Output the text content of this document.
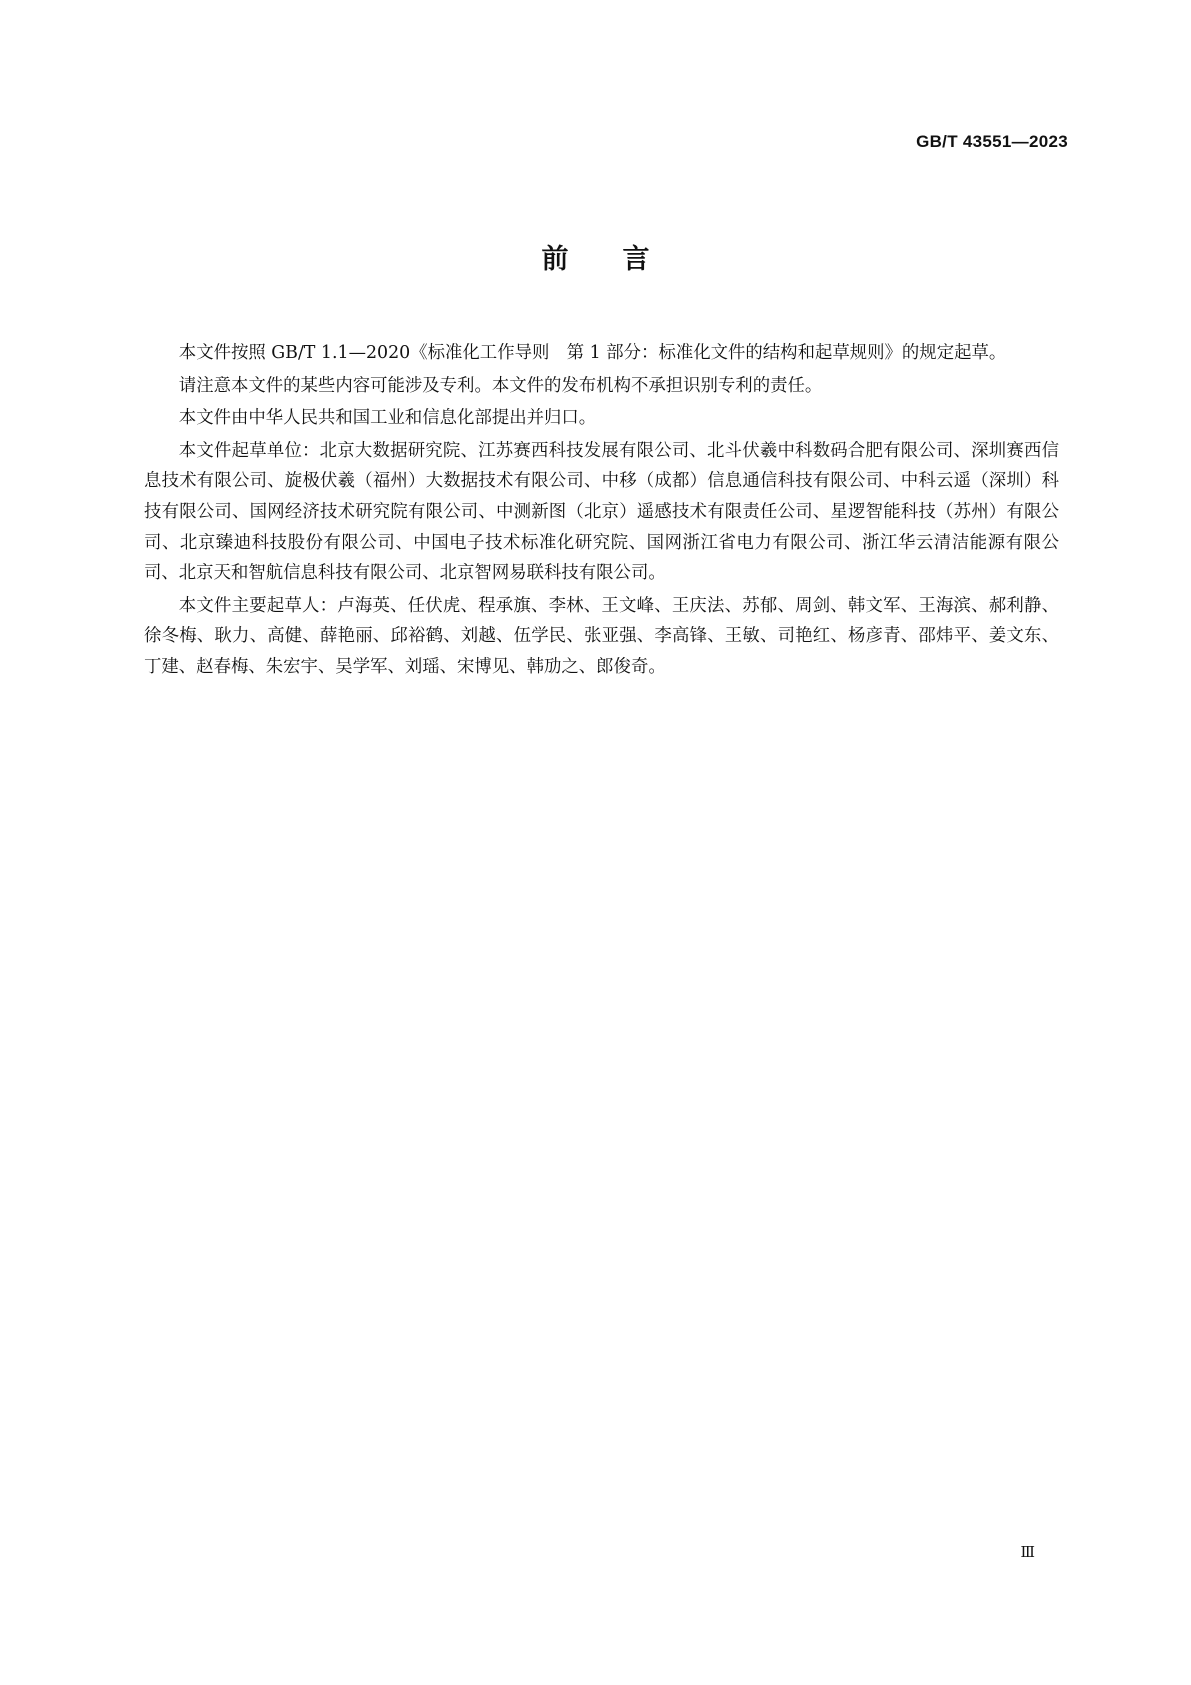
GB/T 43551—2023
前言

本文件按照 GB/T 1.1—2020《标准化工作导则　第 1 部分：标准化文件的结构和起草规则》的规定起草。

请注意本文件的某些内容可能涉及专利。本文件的发布机构不承担识别专利的责任。

本文件由中华人民共和国工业和信息化部提出并归口。

本文件起草单位：北京大数据研究院、江苏赛西科技发展有限公司、北斗伏羲中科数码合肥有限公司、深圳赛西信息技术有限公司、旋极伏羲（福州）大数据技术有限公司、中移（成都）信息通信科技有限公司、中科云遥（深圳）科技有限公司、国网经济技术研究院有限公司、中测新图（北京）遥感技术有限责任公司、星逻智能科技（苏州）有限公司、北京臻迪科技股份有限公司、中国电子技术标准化研究院、国网浙江省电力有限公司、浙江华云清洁能源有限公司、北京天和智航信息科技有限公司、北京智网易联科技有限公司。

本文件主要起草人：卢海英、任伏虎、程承旗、李林、王文峰、王庆法、苏郁、周剑、韩文军、王海滨、郝利静、徐冬梅、耿力、高健、薛艳丽、邱裕鹤、刘越、伍学民、张亚强、李高锋、王敏、司艳红、杨彦青、邵炜平、姜文东、丁建、赵春梅、朱宏宇、吴学军、刘瑶、宋博见、韩劢之、郎俊奇。

Ⅲ
